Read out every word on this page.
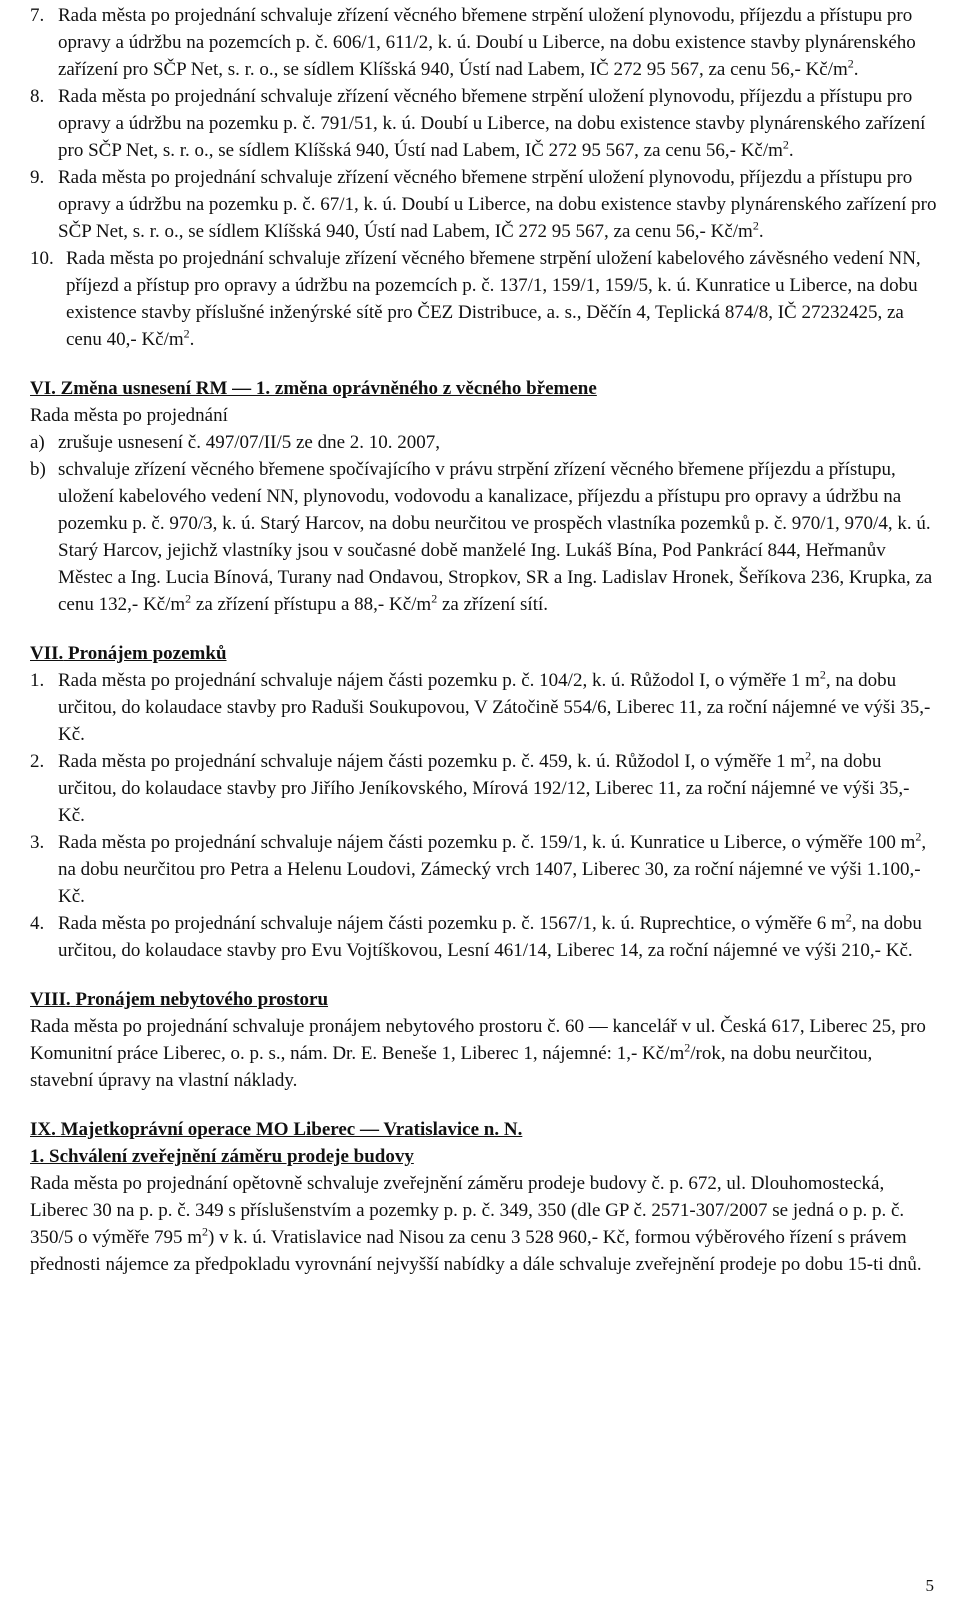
7. Rada města po projednání schvaluje zřízení věcného břemene strpění uložení plynovodu, příjezdu a přístupu pro opravy a údržbu na pozemcích p. č. 606/1, 611/2, k. ú. Doubí u Liberce, na dobu existence stavby plynárenského zařízení pro SČP Net, s. r. o., se sídlem Klíšská 940, Ústí nad Labem, IČ 272 95 567, za cenu 56,- $Kč/m^2$.
8. Rada města po projednání schvaluje zřízení věcného břemene strpění uložení plynovodu, příjezdu a přístupu pro opravy a údržbu na pozemku p. č. 791/51, k. ú. Doubí u Liberce, na dobu existence stavby plynárenského zařízení pro SČP Net, s. r. o., se sídlem Klíšská 940, Ústí nad Labem, IČ 272 95 567, za cenu 56,- $Kč/m^2$.
9. Rada města po projednání schvaluje zřízení věcného břemene strpění uložení plynovodu, příjezdu a přístupu pro opravy a údržbu na pozemku p. č. 67/1, k. ú. Doubí u Liberce, na dobu existence stavby plynárenského zařízení pro SČP Net, s. r. o., se sídlem Klíšská 940, Ústí nad Labem, IČ 272 95 567, za cenu 56,- $Kč/m^2$.
10. Rada města po projednání schvaluje zřízení věcného břemene strpění uložení kabelového závěsného vedení NN, příjezd a přístup pro opravy a údržbu na pozemcích p. č. 137/1, 159/1, 159/5, k. ú. Kunratice u Liberce, na dobu existence stavby příslušné inženýrské sítě pro ČEZ Distribuce, a. s., Děčín 4, Teplická 874/8, IČ 27232425, za cenu 40,- $Kč/m^2$.

VI. Změna usnesení RM — 1. změna oprávněného z věcného břemene

Rada města po projednání

a) zrušuje usnesení č. 497/07/II/5 ze dne 2. 10. 2007,
b) schvaluje zřízení věcného břemene spočívajícího v právu strpění zřízení věcného břemene příjezdu a přístupu, uložení kabelového vedení NN, plynovodu, vodovodu a kanalizace, příjezdu a přístupu pro opravy a údržbu na pozemku p. č. 970/3, k. ú. Starý Harcov, na dobu neurčitou ve prospěch vlastníka pozemků p. č. 970/1, 970/4, k. ú. Starý Harcov, jejichž vlastníky jsou v současné době manželé Ing. Lukáš Bína, Pod Pankrácí 844, Heřmanův Městec a Ing. Lucia Bínová, Turany nad Ondavou, Stropkov, SR a Ing. Ladislav Hronek, Šeříkova 236, Krupka, za cenu 132,- $Kč/m^2$ za zřízení přístupu a 88,- $Kč/m^2$ za zřízení sítí.

VII. Pronájem pozemků

1. Rada města po projednání schvaluje nájem části pozemku p. č. 104/2, k. ú. Růžodol I, o výměře 1 $m^2$, na dobu určitou, do kolaudace stavby pro Raduši Soukupovou, V Zátočině 554/6, Liberec 11, za roční nájemné ve výši 35,- Kč.
2. Rada města po projednání schvaluje nájem části pozemku p. č. 459, k. ú. Růžodol I, o výměře 1 $m^2$, na dobu určitou, do kolaudace stavby pro Jiřího Jeníkovského, Mírová 192/12, Liberec 11, za roční nájemné ve výši 35,- Kč.
3. Rada města po projednání schvaluje nájem části pozemku p. č. 159/1, k. ú. Kunratice u Liberce, o výměře 100 $m^2$, na dobu neurčitou pro Petra a Helenu Loudovi, Zámecký vrch 1407, Liberec 30, za roční nájemné ve výši 1.100,- Kč.
4. Rada města po projednání schvaluje nájem části pozemku p. č. 1567/1, k. ú. Ruprechtice, o výměře 6 $m^2$, na dobu určitou, do kolaudace stavby pro Evu Vojtíškovou, Lesní 461/14, Liberec 14, za roční nájemné ve výši 210,- Kč.

VIII. Pronájem nebytového prostoru

Rada města po projednání schvaluje pronájem nebytového prostoru č. 60 — kancelář v ul. Česká 617, Liberec 25, pro Komunitní práce Liberec, o. p. s., nám. Dr. E. Beneše 1, Liberec 1, nájemné: 1,- $Kč/m^2$/rok, na dobu neurčitou, stavební úpravy na vlastní náklady.

IX. Majetkoprávní operace MO Liberec — Vratislavice n. N.

1. Schválení zveřejnění záměru prodeje budovy

Rada města po projednání opětovně schvaluje zveřejnění záměru prodeje budovy č. p. 672, ul. Dlouhomostecká, Liberec 30 na p. p. č. 349 s příslušenstvím a pozemky p. p. č. 349, 350 (dle GP č. 2571-307/2007 se jedná o p. p. č. 350/5 o výměře 795 $m^2$) v k. ú. Vratislavice nad Nisou za cenu 3 528 960,- Kč, formou výběrového řízení s právem přednosti nájemce za předpokladu vyrovnání nejvyšší nabídky a dále schvaluje zveřejnění prodeje po dobu 15-ti dnů.

5
